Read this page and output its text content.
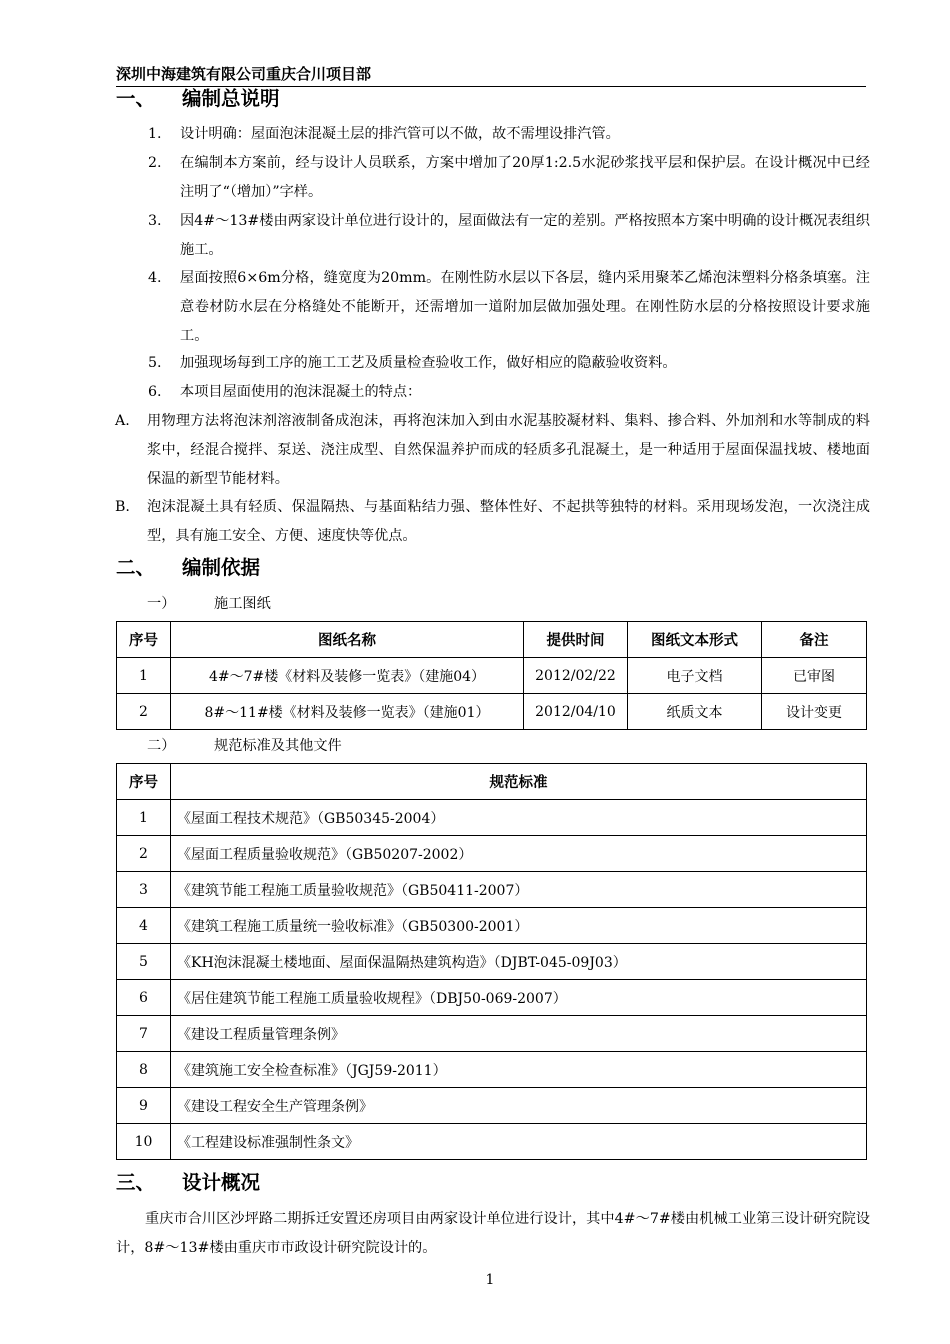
深圳中海建筑有限公司重庆合川项目部
一、 编制总说明
1. 设计明确：屋面泡沫混凝土层的排汽管可以不做，故不需埋设排汽管。
2. 在编制本方案前，经与设计人员联系，方案中增加了20厚1:2.5水泥砂浆找平层和保护层。在设计概况中已经注明了“（增加）”字样。
3. 因4#～13#楼由两家设计单位进行设计的，屋面做法有一定的差别。严格按照本方案中明确的设计概况表组织施工。
4. 屋面按照6×6m分格，缝宽度为20mm。在刚性防水层以下各层，缝内采用聚苯乙烯泡沫塑料分格条填塞。注意卷材防水层在分格缝处不能断开，还需增加一道附加层做加强处理。在刚性防水层的分格按照设计要求施工。
5. 加强现场每到工序的施工工艺及质量检查验收工作，做好相应的隐蔽验收资料。
6. 本项目屋面使用的泡沫混凝土的特点：
A. 用物理方法将泡沫剂溶液制备成泡沫，再将泡沫加入到由水泥基胶凝材料、集料、掺合料、外加剂和水等制成的料浆中，经混合搅拌、泵送、浇注成型、自然保温养护而成的轻质多孔混凝土，是一种适用于屋面保温找坡、楼地面保温的新型节能材料。
B. 泡沫混凝土具有轻质、保温隔热、与基面粘结力强、整体性好、不起拱等独特的材料。采用现场发泡，一次浇注成型，具有施工安全、方便、速度快等优点。
二、 编制依据
一）	施工图纸
序号	图纸名称	提供时间	图纸文本形式	备注
1	4#～7#楼《材料及装修一览表》（建施04）	2012/02/22	电子文档	已审图
2	8#～11#楼《材料及装修一览表》（建施01）	2012/04/10	纸质文本	设计变更
二）	规范标准及其他文件
序号	规范标准
1	《屋面工程技术规范》（GB50345-2004）
2	《屋面工程质量验收规范》（GB50207-2002）
3	《建筑节能工程施工质量验收规范》（GB50411-2007）
4	《建筑工程施工质量统一验收标准》（GB50300-2001）
5	《KH泡沫混凝土楼地面、屋面保温隔热建筑构造》（DJBT-045-09J03）
6	《居住建筑节能工程施工质量验收规程》（DBJ50-069-2007）
7	《建设工程质量管理条例》
8	《建筑施工安全检查标准》（JGJ59-2011）
9	《建设工程安全生产管理条例》
10	《工程建设标准强制性条文》
三、 设计概况
重庆市合川区沙坪路二期拆迁安置还房项目由两家设计单位进行设计，其中4#～7#楼由机械工业第三设计研究院设计，8#～13#楼由重庆市市政设计研究院设计的。
1
